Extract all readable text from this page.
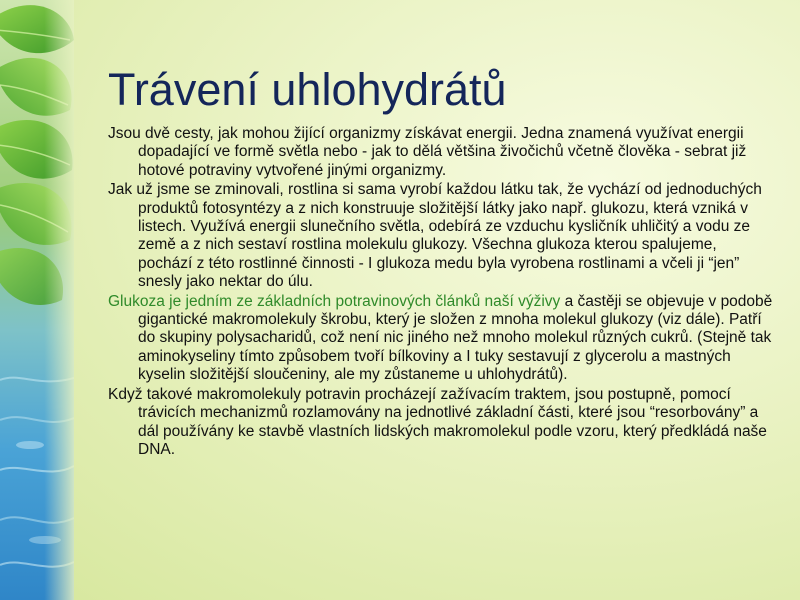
Trávení uhlohydrátů

Jsou dvě cesty, jak mohou žijící organizmy získávat energii. Jedna znamená využívat energii dopadající ve formě světla nebo - jak to dělá většina živočichů včetně člověka - sebrat již hotové potraviny vytvořené jinými organizmy.

Jak už jsme se zminovali, rostlina si sama vyrobí každou látku tak, že vychází od jednoduchých produktů fotosyntézy a z nich konstruuje složitější látky jako např. glukozu, která vzniká v listech. Využívá energii slunečního světla, odebírá ze vzduchu kysličník uhličitý a vodu ze země a z nich sestaví rostlina molekulu glukozy. Všechna glukoza kterou spalujeme, pochází z této rostlinné činnosti - I glukoza medu byla vyrobena rostlinami a včeli ji “jen” snesly jako nektar do úlu.

Glukoza je jedním ze základních potravinových článků naší výživy a častěji se objevuje v podobě gigantické makromolekuly škrobu, který je složen z mnoha molekul glukozy (viz dále). Patří do skupiny polysacharidů, což není nic jiného než mnoho molekul různých cukrů. (Stejně tak aminokyseliny tímto způsobem tvoří bílkoviny a I tuky sestavují z glycerolu a mastných kyselin složitější sloučeniny, ale my zůstaneme u uhlohydrátů).

Když takové makromolekuly potravin procházejí zažívacím traktem, jsou postupně, pomocí trávicích mechanizmů rozlamovány na jednotlivé základní části, které jsou “resorbovány” a dál používány ke stavbě vlastních lidských makromolekul podle vzoru, který předkládá naše DNA.
